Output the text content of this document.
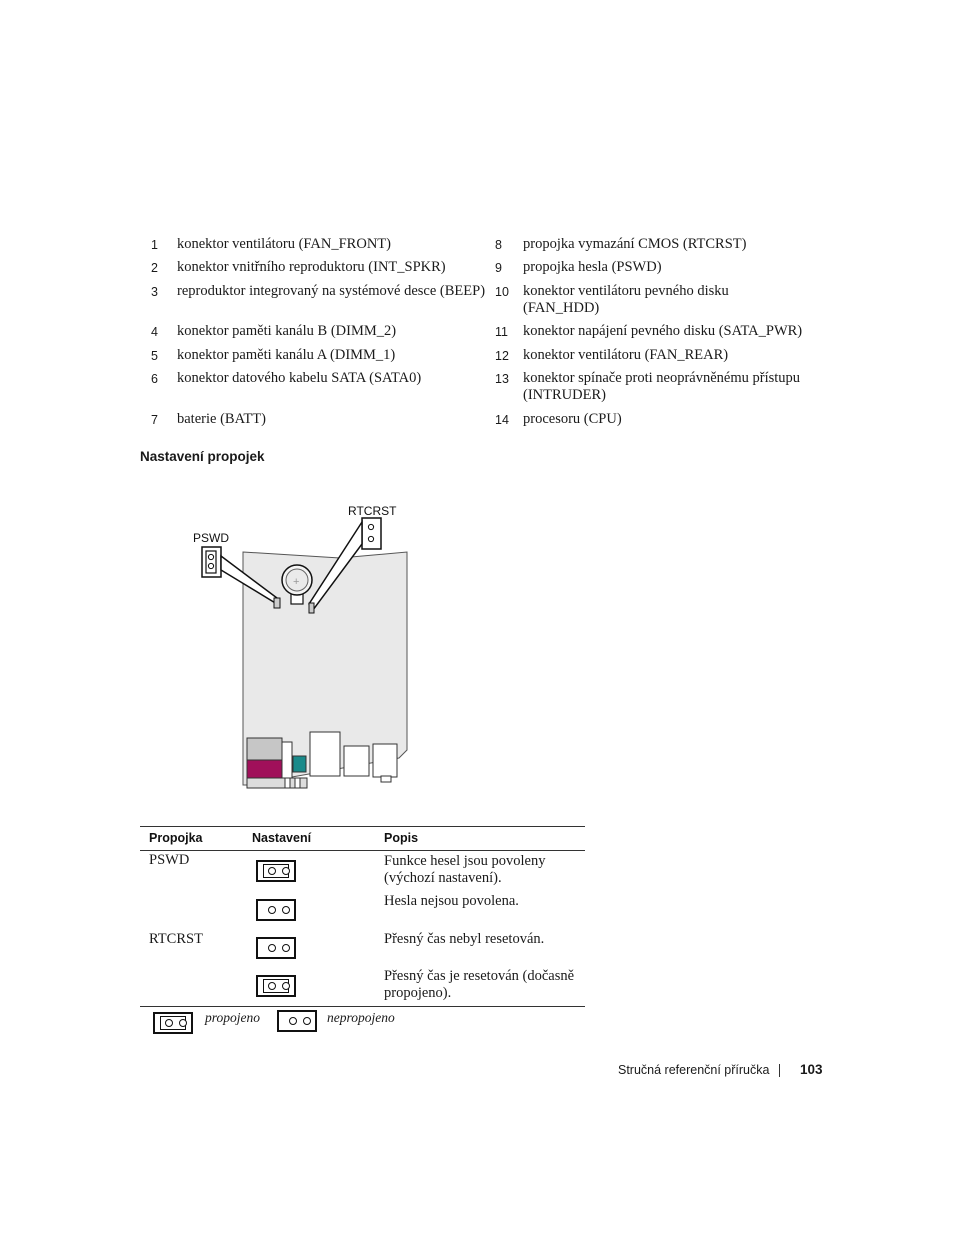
1	konektor ventilátoru (FAN_FRONT)
2	konektor vnitřního reproduktoru (INT_SPKR)
3	reproduktor integrovaný na systémové desce (BEEP)
4	konektor paměti kanálu B (DIMM_2)
5	konektor paměti kanálu A (DIMM_1)
6	konektor datového kabelu SATA (SATA0)
7	baterie (BATT)
8	propojka vymazání CMOS (RTCRST)
9	propojka hesla (PSWD)
10 konektor ventilátoru pevného disku (FAN_HDD)
11	konektor napájení pevného disku (SATA_PWR)
12 konektor ventilátoru (FAN_REAR)
13 konektor spínače proti neoprávněnému přístupu (INTRUDER)
14 procesoru (CPU)
Nastavení propojek
+
PSWD
RTCRST
Propojka	Nastavení	Popis
PSWD	Funkce hesel jsou povoleny (výchozí nastavení).
Hesla nejsou povolena.
RTCRST	Přesný čas nebyl resetován.
Přesný čas je resetován (dočasně propojeno).
propojeno	nepropojeno
Stručná referenční příručka 103
